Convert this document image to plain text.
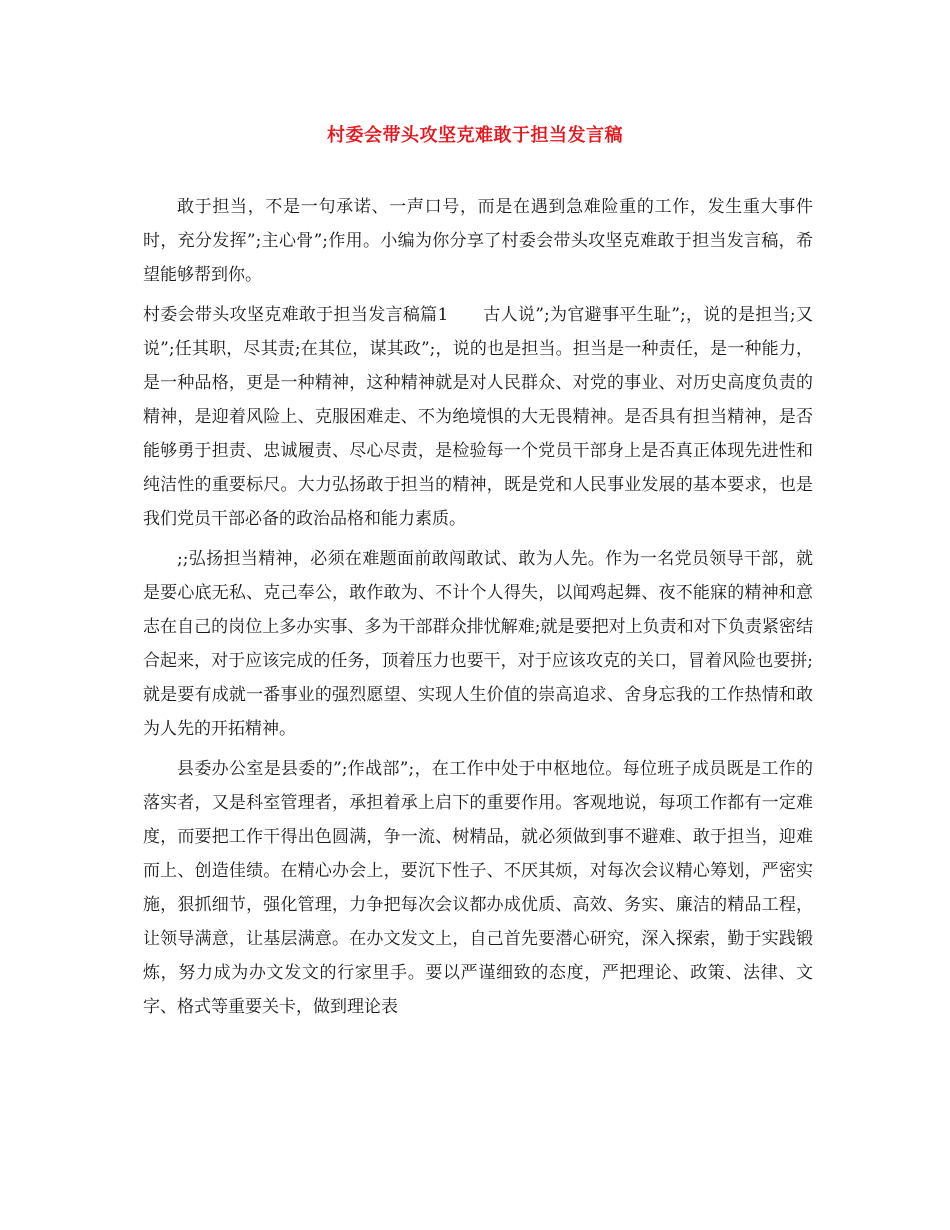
村委会带头攻坚克难敢于担当发言稿

敢于担当，不是一句承诺、一声口号，而是在遇到急难险重的工作，发生重大事件时，充分发挥”;主心骨”;作用。小编为你分享了村委会带头攻坚克难敢于担当发言稿，希望能够帮到你。

村委会带头攻坚克难敢于担当发言稿篇1　　古人说”;为官避事平生耻”;，说的是担当;又说”;任其职，尽其责;在其位，谋其政”;，说的也是担当。担当是一种责任，是一种能力，是一种品格，更是一种精神，这种精神就是对人民群众、对党的事业、对历史高度负责的精神，是迎着风险上、克服困难走、不为绝境惧的大无畏精神。是否具有担当精神，是否能够勇于担责、忠诚履责、尽心尽责，是检验每一个党员干部身上是否真正体现先进性和纯洁性的重要标尺。大力弘扬敢于担当的精神，既是党和人民事业发展的基本要求，也是我们党员干部必备的政治品格和能力素质。

;;弘扬担当精神，必须在难题面前敢闯敢试、敢为人先。作为一名党员领导干部，就是要心底无私、克己奉公，敢作敢为、不计个人得失，以闻鸡起舞、夜不能寐的精神和意志在自己的岗位上多办实事、多为干部群众排忧解难;就是要把对上负责和对下负责紧密结合起来，对于应该完成的任务，顶着压力也要干，对于应该攻克的关口，冒着风险也要拼;就是要有成就一番事业的强烈愿望、实现人生价值的崇高追求、舍身忘我的工作热情和敢为人先的开拓精神。

县委办公室是县委的”;作战部”;，在工作中处于中枢地位。每位班子成员既是工作的落实者，又是科室管理者，承担着承上启下的重要作用。客观地说，每项工作都有一定难度，而要把工作干得出色圆满，争一流、树精品，就必须做到事不避难、敢于担当，迎难而上、创造佳绩。在精心办会上，要沉下性子、不厌其烦，对每次会议精心筹划，严密实施，狠抓细节，强化管理，力争把每次会议都办成优质、高效、务实、廉洁的精品工程，让领导满意，让基层满意。在办文发文上，自己首先要潜心研究，深入探索，勤于实践锻炼，努力成为办文发文的行家里手。要以严谨细致的态度，严把理论、政策、法律、文字、格式等重要关卡，做到理论表
